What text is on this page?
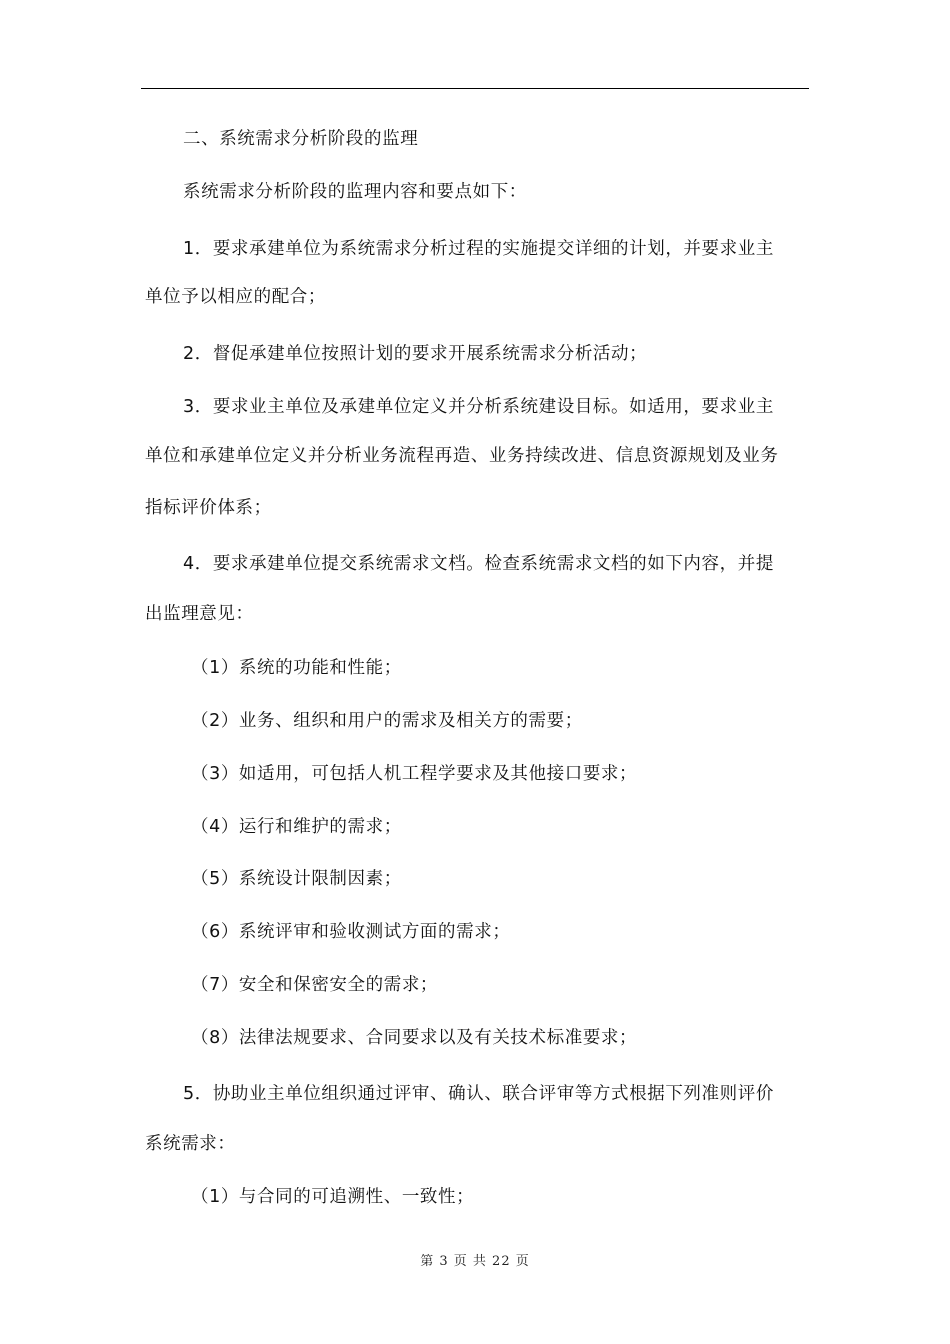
二、系统需求分析阶段的监理
系统需求分析阶段的监理内容和要点如下：
1．要求承建单位为系统需求分析过程的实施提交详细的计划，并要求业主
单位予以相应的配合；
2．督促承建单位按照计划的要求开展系统需求分析活动；
3．要求业主单位及承建单位定义并分析系统建设目标。如适用，要求业主
单位和承建单位定义并分析业务流程再造、业务持续改进、信息资源规划及业务
指标评价体系；
4．要求承建单位提交系统需求文档。检查系统需求文档的如下内容，并提
出监理意见：
（1）系统的功能和性能；
（2）业务、组织和用户的需求及相关方的需要；
（3）如适用，可包括人机工程学要求及其他接口要求；
（4）运行和维护的需求；
（5）系统设计限制因素；
（6）系统评审和验收测试方面的需求；
（7）安全和保密安全的需求；
（8）法律法规要求、合同要求以及有关技术标准要求；
5．协助业主单位组织通过评审、确认、联合评审等方式根据下列准则评价
系统需求：
（1）与合同的可追溯性、一致性；
第 3 页 共 22 页
